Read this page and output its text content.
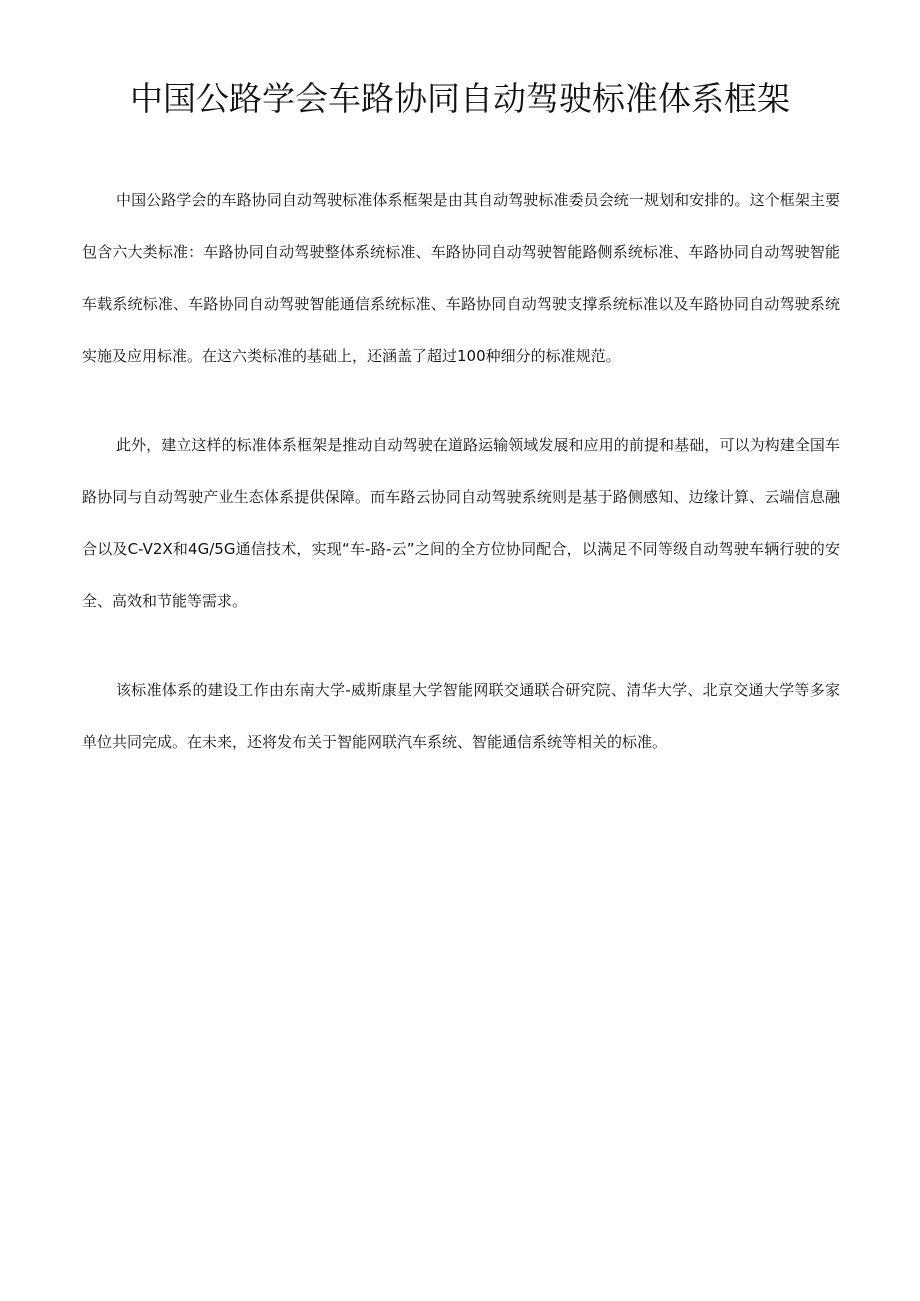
中国公路学会车路协同自动驾驶标准体系框架

中国公路学会的车路协同自动驾驶标准体系框架是由其自动驾驶标准委员会统一规划和安排的。这个框架主要包含六大类标准：车路协同自动驾驶整体系统标准、车路协同自动驾驶智能路侧系统标准、车路协同自动驾驶智能车载系统标准、车路协同自动驾驶智能通信系统标准、车路协同自动驾驶支撑系统标准以及车路协同自动驾驶系统实施及应用标准。在这六类标准的基础上，还涵盖了超过100种细分的标准规范。

此外，建立这样的标准体系框架是推动自动驾驶在道路运输领域发展和应用的前提和基础，可以为构建全国车路协同与自动驾驶产业生态体系提供保障。而车路云协同自动驾驶系统则是基于路侧感知、边缘计算、云端信息融合以及C-V2X和4G/5G通信技术，实现“车-路-云”之间的全方位协同配合，以满足不同等级自动驾驶车辆行驶的安全、高效和节能等需求。

该标准体系的建设工作由东南大学-威斯康星大学智能网联交通联合研究院、清华大学、北京交通大学等多家单位共同完成。在未来，还将发布关于智能网联汽车系统、智能通信系统等相关的标准。
